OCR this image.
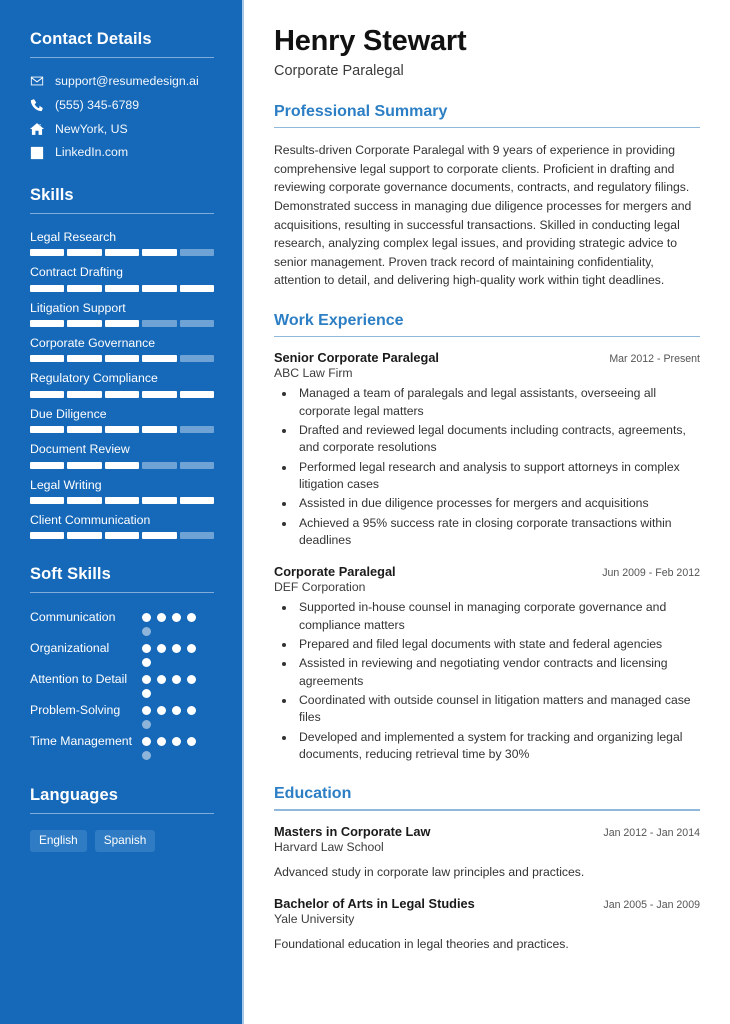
Contact Details
support@resumedesign.ai
(555) 345-6789
NewYork, US
LinkedIn.com
Skills
Legal Research
Contract Drafting
Litigation Support
Corporate Governance
Regulatory Compliance
Due Diligence
Document Review
Legal Writing
Client Communication
Soft Skills
Communication
Organizational
Attention to Detail
Problem-Solving
Time Management
Languages
English	Spanish
Henry Stewart
Corporate Paralegal
Professional Summary

Results-driven Corporate Paralegal with 9 years of experience in providing comprehensive legal support to corporate clients. Proficient in drafting and reviewing corporate governance documents, contracts, and regulatory filings. Demonstrated success in managing due diligence processes for mergers and acquisitions, resulting in successful transactions. Skilled in conducting legal research, analyzing complex legal issues, and providing strategic advice to senior management. Proven track record of maintaining confidentiality, attention to detail, and delivering high-quality work within tight deadlines.

Work Experience
Senior Corporate Paralegal	Mar 2012 - Present
ABC Law Firm
• Managed a team of paralegals and legal assistants, overseeing all corporate legal matters
• Drafted and reviewed legal documents including contracts, agreements, and corporate resolutions
• Performed legal research and analysis to support attorneys in complex litigation cases
• Assisted in due diligence processes for mergers and acquisitions
• Achieved a 95% success rate in closing corporate transactions within deadlines
Corporate Paralegal	Jun 2009 - Feb 2012
DEF Corporation
• Supported in-house counsel in managing corporate governance and compliance matters
• Prepared and filed legal documents with state and federal agencies
• Assisted in reviewing and negotiating vendor contracts and licensing agreements
• Coordinated with outside counsel in litigation matters and managed case files
• Developed and implemented a system for tracking and organizing legal documents, reducing retrieval time by 30%
Education
Masters in Corporate Law	Jan 2012 - Jan 2014
Harvard Law School
Advanced study in corporate law principles and practices.
Bachelor of Arts in Legal Studies	Jan 2005 - Jan 2009
Yale University
Foundational education in legal theories and practices.
